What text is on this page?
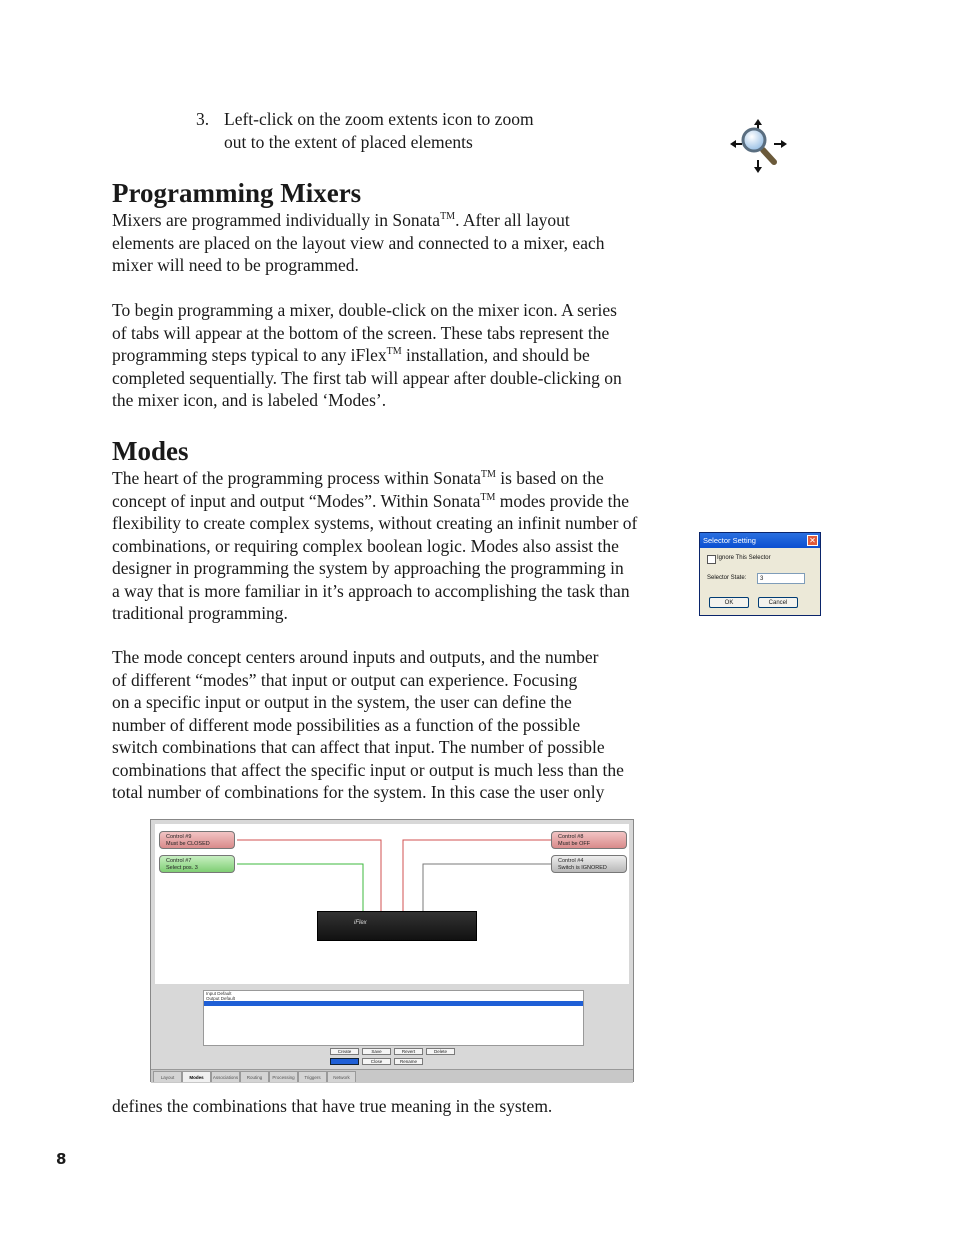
3. Left-click on the zoom extents icon to zoom
out to the extent of placed elements
Programming Mixers
Mixers are programmed individually in Sonata™. After all layout
elements are placed on the layout view and connected to a mixer, each
mixer will need to be programmed.
To begin programming a mixer, double-click on the mixer icon. A series
of tabs will appear at the bottom of the screen. These tabs represent the
programming steps typical to any iFlex™ installation, and should be
completed sequentially. The first tab will appear after double-clicking on
the mixer icon, and is labeled ‘Modes’.
Modes
The heart of the programming process within Sonata™ is based on the
concept of input and output “Modes”. Within Sonata™ modes provide the
flexibility to create complex systems, without creating an infinit number of
combinations, or requiring complex boolean logic. Modes also assist the
designer in programming the system by approaching the programming in
a way that is more familiar in it’s approach to accomplishing the task than
traditional programming.
The mode concept centers around inputs and outputs, and the number
of different “modes” that input or output can experience. Focusing
on a specific input or output in the system, the user can define the
number of different mode possibilities as a function of the possible
switch combinations that can affect that input. The number of possible
combinations that affect the specific input or output is much less than the
total number of combinations for the system. In this case the user only
Selector Setting	✕
Ignore This Selector
Selector State:	3
OK	Cancel
Control #9
Must be CLOSED
Control #7
Select pos. 3
Control #8
Must be OFF
Control #4
Switch is IGNORED
iFlex
Input Default
Output Default

Create	Save	Revert	Delete
Close	Rename
Layout	Modes	Associations	Routing	Processing	Triggers	Network
defines the combinations that have true meaning in the system.
8
